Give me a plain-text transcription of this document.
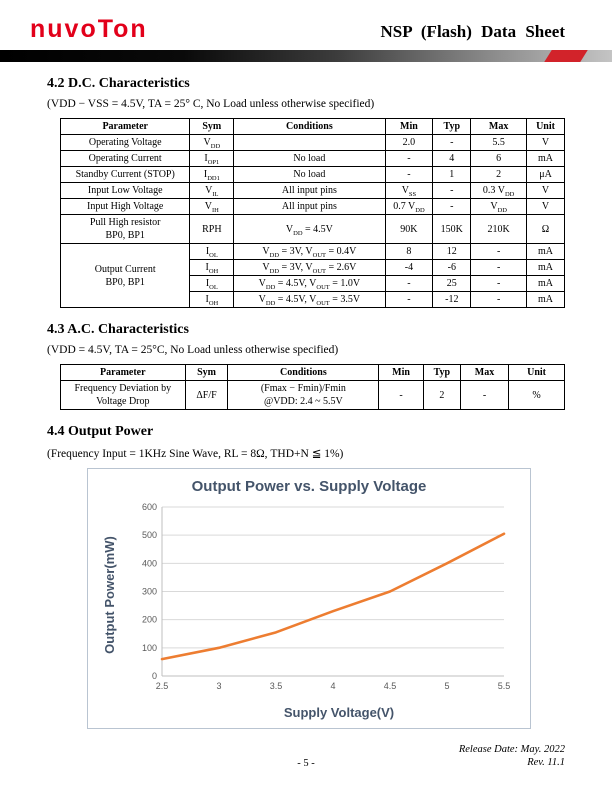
nuvoTon	NSP (Flash) Data Sheet
4.2 D.C. Characteristics
(VDD − VSS = 4.5V, TA = 25° C, No Load unless otherwise specified)
Parameter	Sym	Conditions	Min	Typ	Max	Unit
Operating Voltage	$V_{DD}$		2.0	-	5.5	V
Operating Current	$I_{OP1}$	No load	-	4	6	mA
Standby Current (STOP)	$I_{DD1}$	No load	-	1	2	μA
Input Low Voltage	$V_{IL}$	All input pins	$V_{SS}$	-	0.3 $V_{DD}$	V
Input High Voltage	$V_{IH}$	All input pins	0.7 $V_{DD}$	-	$V_{DD}$	V
Pull High resistor
BP0, BP1	RPH	$V_{DD} = 4.5V$	90K	150K	210K	Ω
Output Current
BP0, BP1	$I_{OL}$	$V_{DD} = 3V$, $V_{OUT} = 0.4V$	8	12	-	mA
	$I_{OH}$	$V_{DD} = 3V$, $V_{OUT} = 2.6V$	-4	-6	-	mA
	$I_{OL}$	$V_{DD} = 4.5V$, $V_{OUT} = 1.0V$	-	25	-	mA
	$I_{OH}$	$V_{DD} = 4.5V$, $V_{OUT} = 3.5V$	-	-12	-	mA
4.3 A.C. Characteristics
(VDD = 4.5V, TA = 25°C, No Load unless otherwise specified)
Parameter	Sym	Conditions	Min	Typ	Max	Unit
Frequency Deviation by
Voltage Drop	ΔF/F	(Fmax − Fmin)/Fmin
@VDD: 2.4 ~ 5.5V	-	2	-	%
4.4 Output Power
(Frequency Input = 1KHz Sine Wave, RL = 8Ω, THD+N ≦ 1%)
Output Power vs. Supply Voltage
Output Power(mW)
0
100
200
300
400
500
600
2.5	3	3.5	4	4.5	5	5.5
Supply Voltage(V)
Release Date: May. 2022
Rev. 11.1
- 5 -
